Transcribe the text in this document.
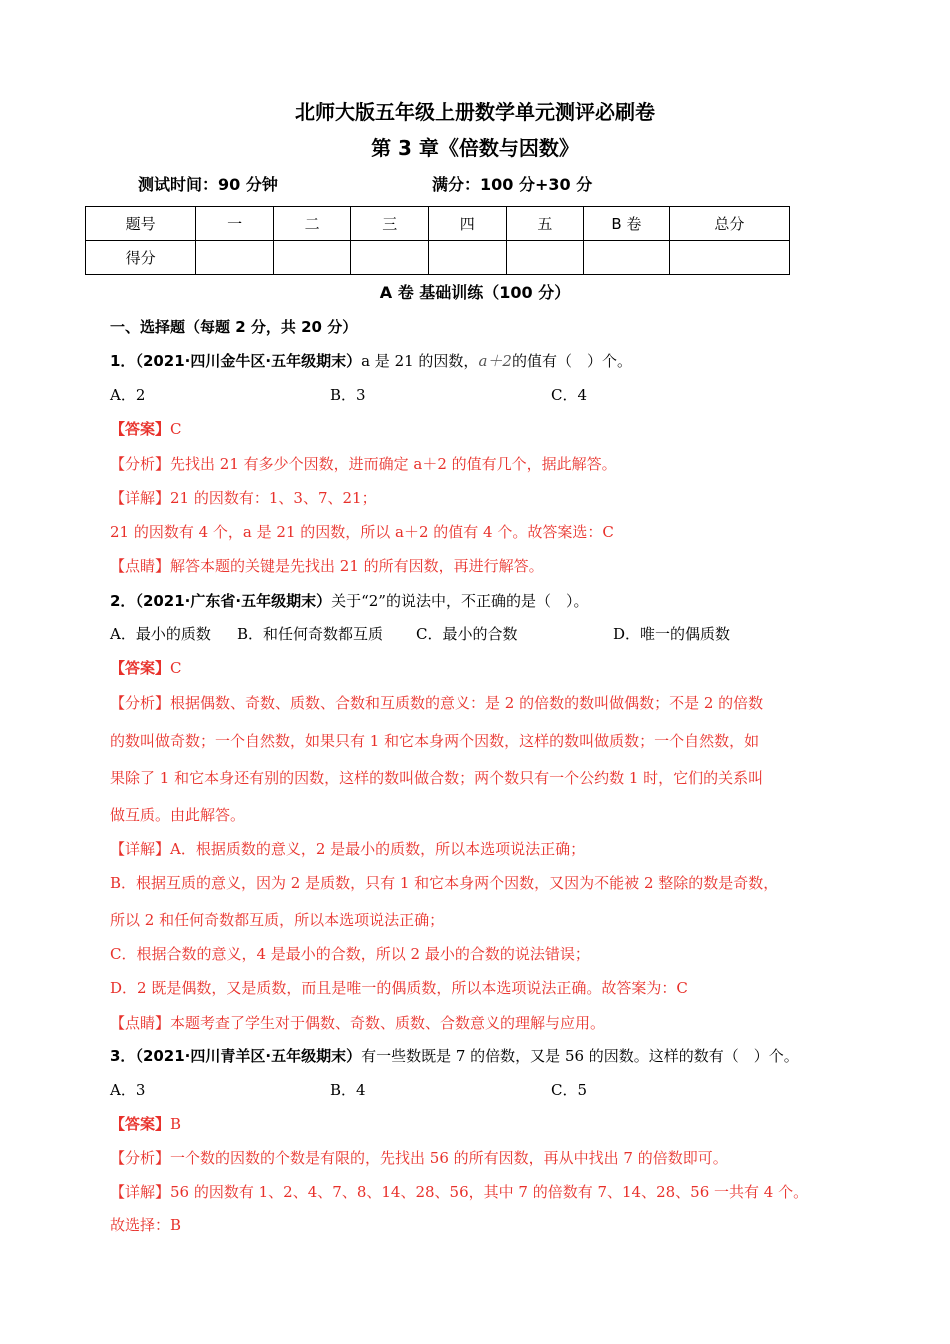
北师大版五年级上册数学单元测评必刷卷
第 3 章《倍数与因数》
测试时间：90 分钟	满分：100 分+30 分
题号	一	二	三	四	五	B 卷	总分
得分							
A 卷 基础训练（100 分）
一、选择题（每题 2 分，共 20 分）
1．（2021·四川金牛区·五年级期末）a 是 21 的因数，a＋2的值有（　）个。
A．2	B．3	C．4
【答案】C
【分析】先找出 21 有多少个因数，进而确定 a＋2 的值有几个，据此解答。
【详解】21 的因数有：1、3、7、21；
21 的因数有 4 个，a 是 21 的因数，所以 a＋2 的值有 4 个。故答案选：C
【点睛】解答本题的关键是先找出 21 的所有因数，再进行解答。
2．（2021·广东省·五年级期末）关于“2”的说法中，不正确的是（　）。
A．最小的质数 B．和任何奇数都互质 C．最小的合数	D．唯一的偶质数
【答案】C
【分析】根据偶数、奇数、质数、合数和互质数的意义：是 2 的倍数的数叫做偶数；不是 2 的倍数
的数叫做奇数；一个自然数，如果只有 1 和它本身两个因数，这样的数叫做质数；一个自然数，如
果除了 1 和它本身还有别的因数，这样的数叫做合数；两个数只有一个公约数 1 时，它们的关系叫
做互质。由此解答。
【详解】A．根据质数的意义，2 是最小的质数，所以本选项说法正确；
B．根据互质的意义，因为 2 是质数，只有 1 和它本身两个因数，又因为不能被 2 整除的数是奇数，
所以 2 和任何奇数都互质，所以本选项说法正确；
C．根据合数的意义，4 是最小的合数，所以 2 最小的合数的说法错误；
D．2 既是偶数，又是质数，而且是唯一的偶质数，所以本选项说法正确。故答案为：C
【点睛】本题考查了学生对于偶数、奇数、质数、合数意义的理解与应用。
3．（2021·四川青羊区·五年级期末）有一些数既是 7 的倍数，又是 56 的因数。这样的数有（　）个。
A．3	B．4	C．5
【答案】B
【分析】一个数的因数的个数是有限的，先找出 56 的所有因数，再从中找出 7 的倍数即可。
【详解】56 的因数有 1、2、4、7、8、14、28、56，其中 7 的倍数有 7、14、28、56 一共有 4 个。
故选择：B
